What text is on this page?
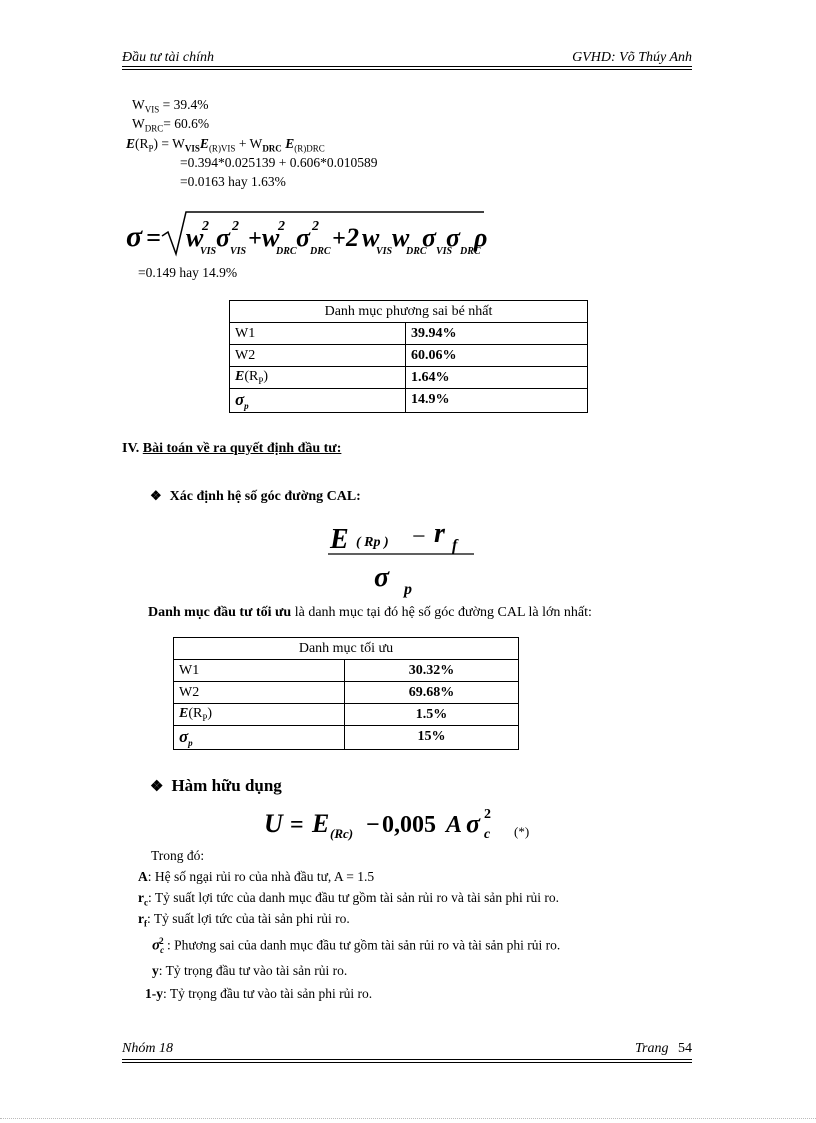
Đầu tư tài chính	GVHD: Võ Thúy Anh
$W_{VIS} = 39.4\%$
$W_{DRC}= 60.6\%$
$E(R_P) = W_{VIS}E_{(R)VIS} + W_{DRC}$ $E_{(R)DRC}$
=0.394*0.025139 + 0.606*0.010589
=0.0163 hay 1.63%
σ = w
2
VIS σ 2
VIS + w
2
DRC σ 2
DRC + 2 w
VIS w
DRC
σ VIS
σ DRC
ρ
=0.149 hay 14.9%
Danh mục phương sai bé nhất	
W1	39.94%
W2	60.06%
$E(R_P)$	1.64%
$\sigma_p$	14.9%
IV. Bài toán về ra quyết định đầu tư:
❖ Xác định hệ số góc đường CAL:
E ( Rp ) − r f
σ p
Danh mục đầu tư tối ưu là danh mục tại đó hệ số góc đường CAL là lớn nhất:
Danh mục tối ưu	
W1	30.32%
W2	69.68%
$E(R_P)$	1.5%
$\sigma_p$	15%
❖ Hàm hữu dụng
U = E (Rc) − 0,005 A σ c
2
(*)
Trong đó:
A: Hệ số ngại rủi ro của nhà đầu tư, A = 1.5
$r_c$: Tỷ suất lợi tức của danh mục đầu tư gồm tài sản rủi ro và tài sản phi rủi ro.
$r_f$: Tỷ suất lợi tức của tài sản phi rủi ro.
$\sigma_c^2$ : Phương sai của danh mục đầu tư gồm tài sản rủi ro và tài sản phi rủi ro.
y: Tỷ trọng đầu tư vào tài sản rủi ro.
1-y: Tỷ trọng đầu tư vào tài sản phi rủi ro.
Nhóm 18	Trang 54
